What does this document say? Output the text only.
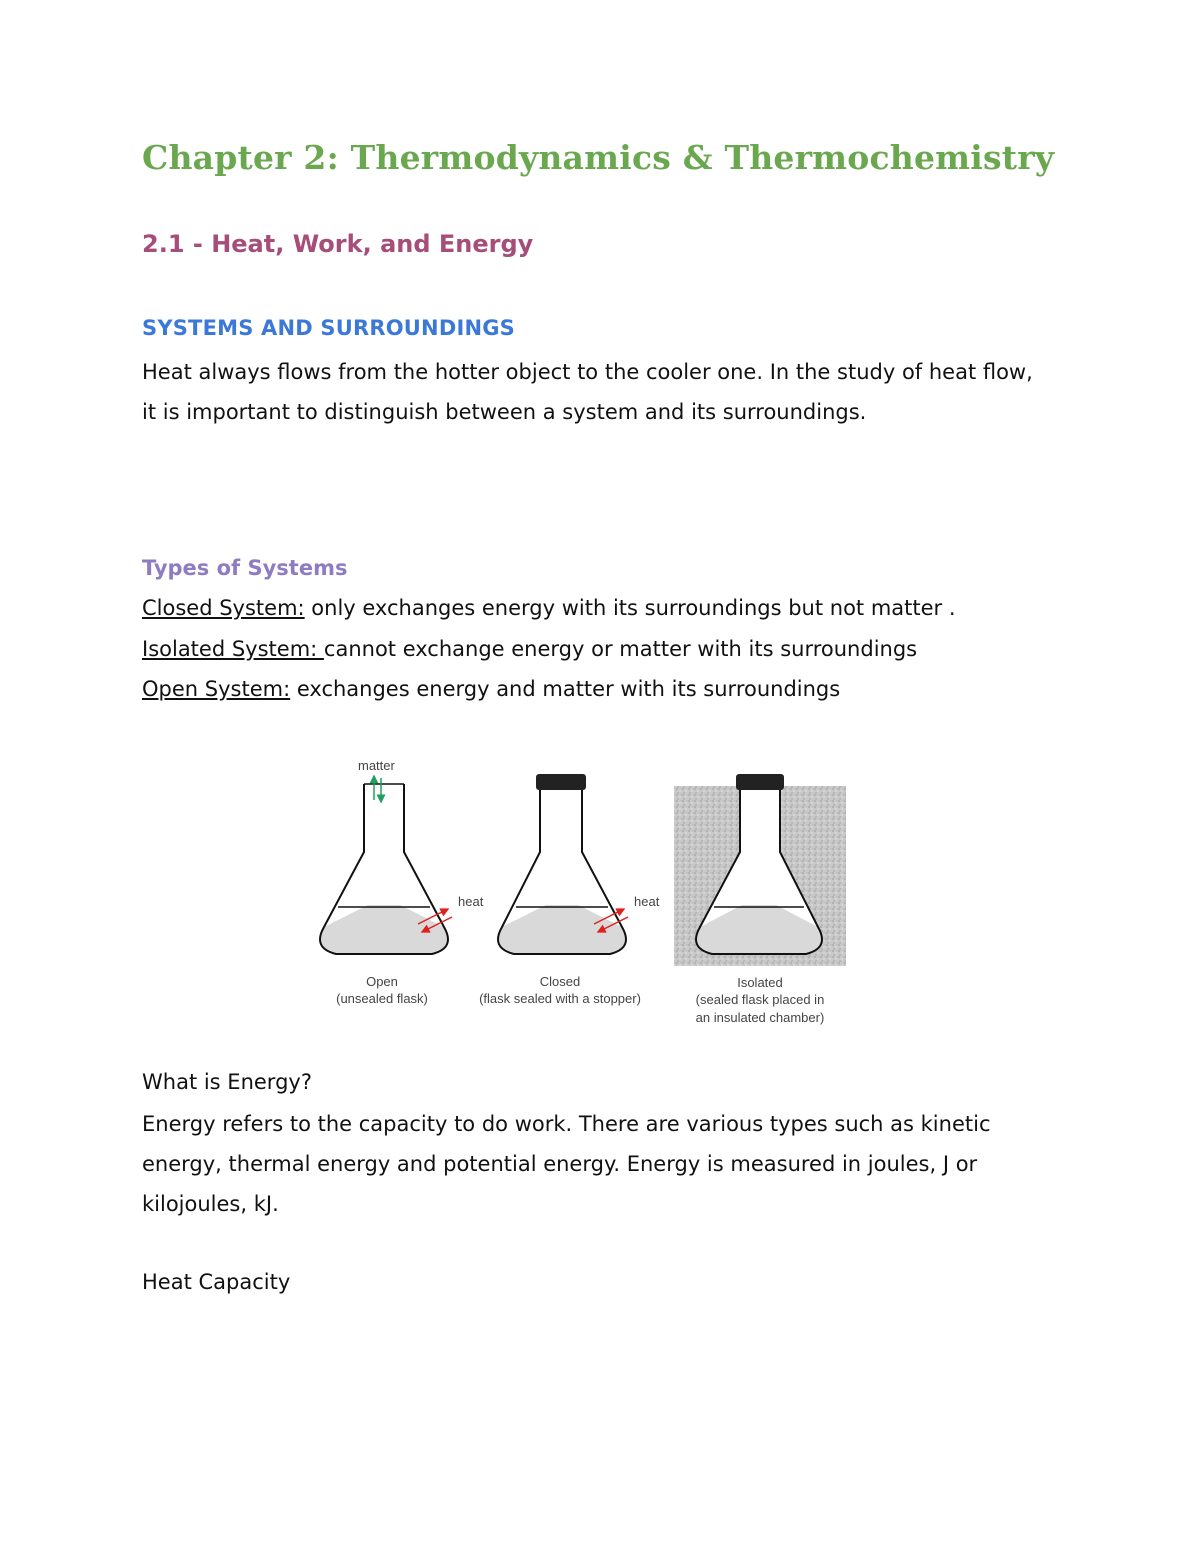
Chapter 2: Thermodynamics & Thermochemistry
2.1 - Heat, Work, and Energy
SYSTEMS AND SURROUNDINGS

Heat always flows from the hotter object to the cooler one. In the study of heat flow, it is important to distinguish between a system and its surroundings.

Types of Systems

Closed System: only exchanges energy with its surroundings but not matter .

Isolated System: cannot exchange energy or matter with its surroundings

Open System: exchanges energy and matter with its surroundings

matter
heat
Open
(unsealed flask)
heat
Closed
(flask sealed with a stopper)
Isolated
(sealed flask placed in
an insulated chamber)
What is Energy?

Energy refers to the capacity to do work. There are various types such as kinetic energy, thermal energy and potential energy. Energy is measured in joules, J or kilojoules, kJ.

Heat Capacity
